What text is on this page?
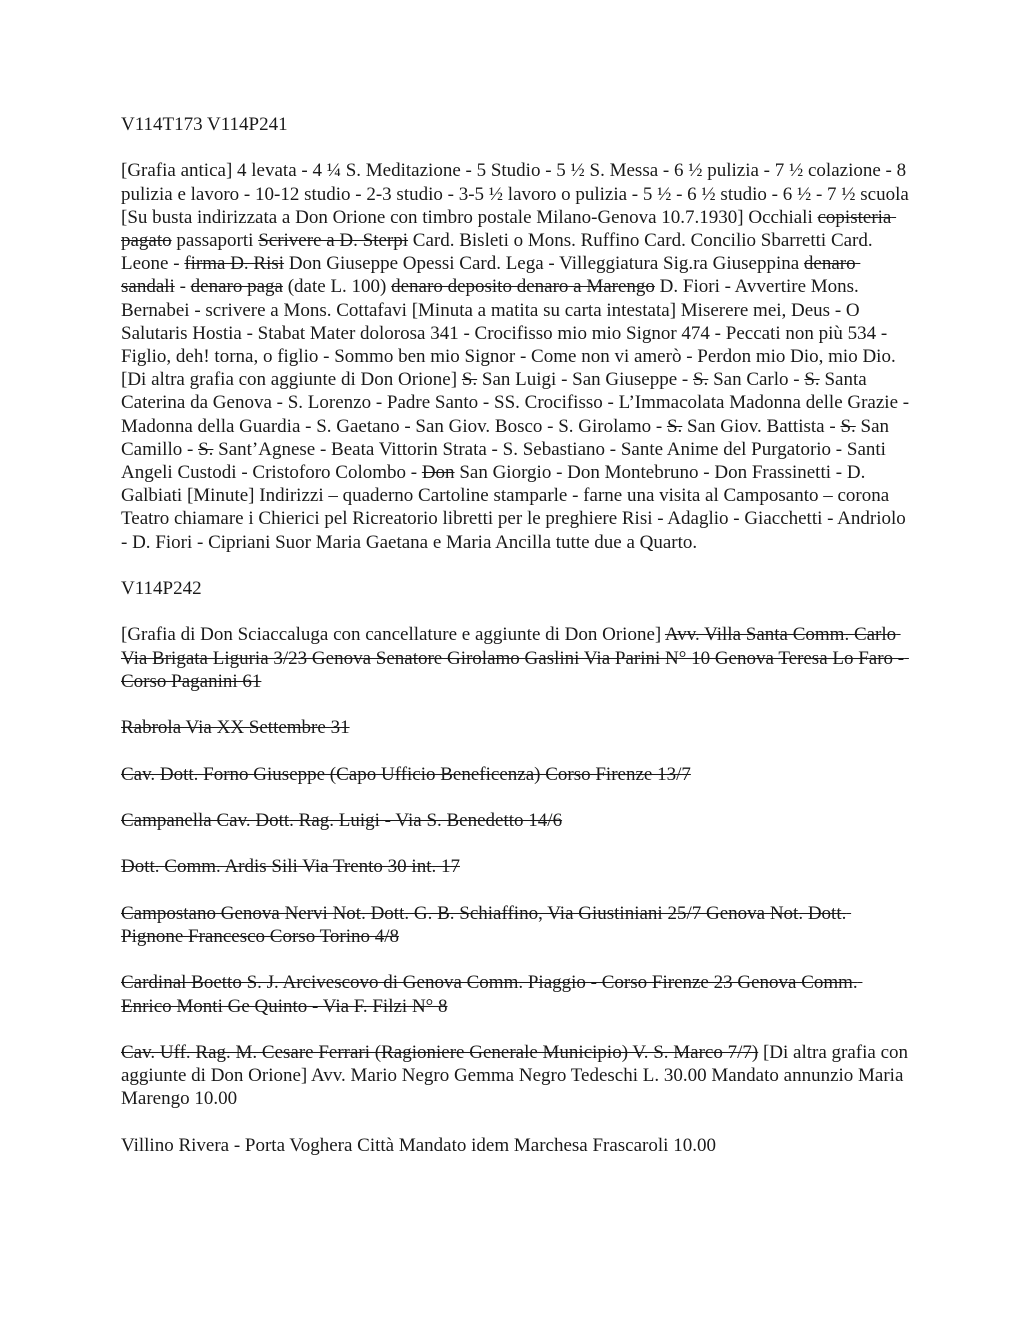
V114T173 V114P241

[Grafia antica] 4 levata - 4 ¼ S. Meditazione - 5 Studio - 5 ½ S. Messa - 6 ½ pulizia - 7 ½ colazione - 8 pulizia e lavoro - 10-12 studio - 2-3 studio - 3-5 ½ lavoro o pulizia - 5 ½ - 6 ½ studio - 6 ½ - 7 ½ scuola [Su busta indirizzata a Don Orione con timbro postale Milano-Genova 10.7.1930] Occhiali copisteria pagato passaporti Scrivere a D. Sterpi Card. Bisleti o Mons. Ruffino Card. Concilio Sbarretti Card. Leone - firma D. Risi Don Giuseppe Opessi Card. Lega - Villeggiatura Sig.ra Giuseppina denaro sandali - denaro paga (date L. 100) denaro deposito denaro a Marengo D. Fiori - Avvertire Mons. Bernabei - scrivere a Mons. Cottafavi [Minuta a matita su carta intestata] Miserere mei, Deus - O Salutaris Hostia - Stabat Mater dolorosa 341 - Crocifisso mio mio Signor 474 - Peccati non più 534 - Figlio, deh! torna, o figlio - Sommo ben mio Signor - Come non vi amerò - Perdon mio Dio, mio Dio. [Di altra grafia con aggiunte di Don Orione] S. San Luigi - San Giuseppe - S. San Carlo - S. Santa Caterina da Genova - S. Lorenzo - Padre Santo - SS. Crocifisso - L’Immacolata Madonna delle Grazie - Madonna della Guardia - S. Gaetano - San Giov. Bosco - S. Girolamo - S. San Giov. Battista - S. San Camillo - S. Sant’Agnese - Beata Vittorin Strata - S. Sebastiano - Sante Anime del Purgatorio - Santi Angeli Custodi - Cristoforo Colombo - Don San Giorgio - Don Montebruno - Don Frassinetti - D. Galbiati [Minute] Indirizzi – quaderno Cartoline stamparle - farne una visita al Camposanto – corona Teatro chiamare i Chierici pel Ricreatorio libretti per le preghiere Risi - Adaglio - Giacchetti - Andriolo - D. Fiori - Cipriani Suor Maria Gaetana e Maria Ancilla tutte due a Quarto.

V114P242

[Grafia di Don Sciaccaluga con cancellature e aggiunte di Don Orione] Avv. Villa Santa Comm. Carlo Via Brigata Liguria 3/23 Genova Senatore Girolamo Gaslini Via Parini N° 10 Genova Teresa Lo Faro - Corso Paganini 61

Rabrola Via XX Settembre 31

Cav. Dott. Forno Giuseppe (Capo Ufficio Beneficenza) Corso Firenze 13/7

Campanella Cav. Dott. Rag. Luigi - Via S. Benedetto 14/6

Dott. Comm. Ardis Sili Via Trento 30 int. 17

Campostano Genova Nervi Not. Dott. G. B. Schiaffino, Via Giustiniani 25/7 Genova Not. Dott. Pignone Francesco Corso Torino 4/8

Cardinal Boetto S. J. Arcivescovo di Genova Comm. Piaggio - Corso Firenze 23 Genova Comm. Enrico Monti Ge Quinto - Via F. Filzi N° 8

Cav. Uff. Rag. M. Cesare Ferrari (Ragioniere Generale Municipio) V. S. Marco 7/7) [Di altra grafia con aggiunte di Don Orione] Avv. Mario Negro Gemma Negro Tedeschi L. 30.00 Mandato annunzio Maria Marengo 10.00

Villino Rivera - Porta Voghera Città Mandato idem Marchesa Frascaroli 10.00
